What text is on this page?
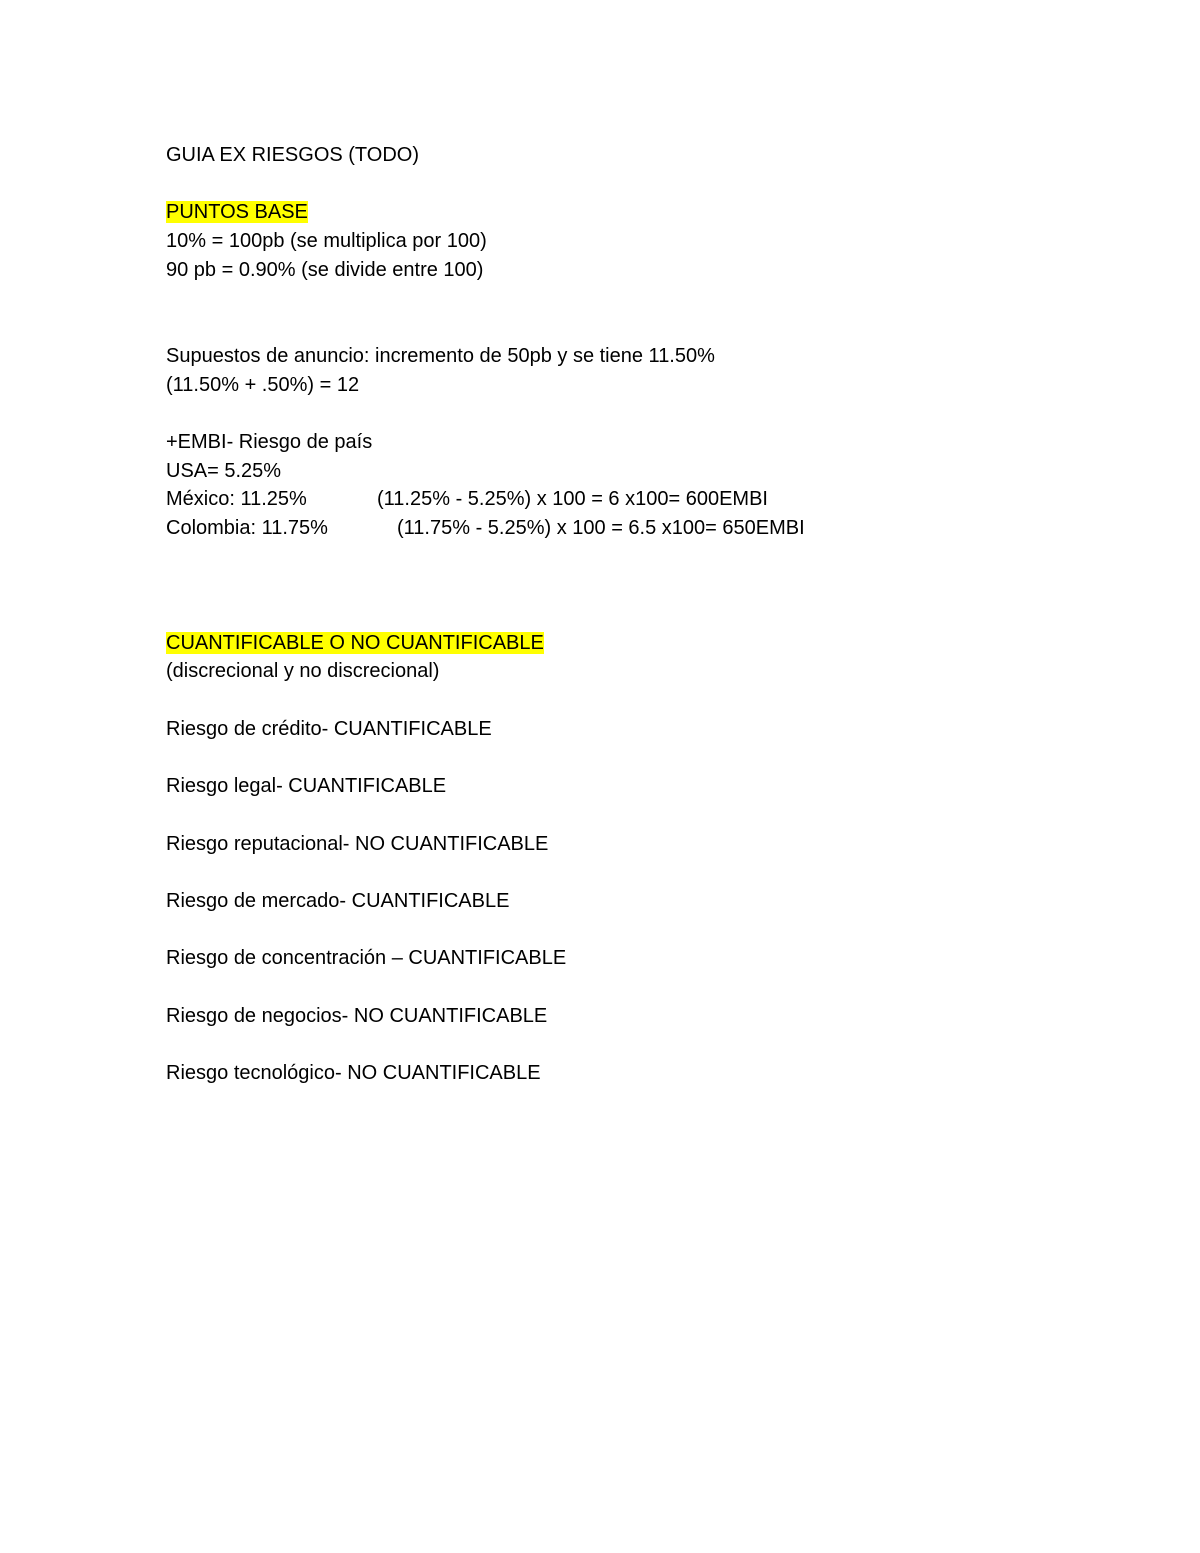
GUIA EX RIESGOS (TODO)
PUNTOS BASE
10% = 100pb (se multiplica por 100)
90 pb = 0.90% (se divide entre 100)
Supuestos de anuncio: incremento de 50pb y se tiene 11.50%
(11.50% + .50%) = 12
+EMBI- Riesgo de país
USA= 5.25%
México: 11.25%	(11.25% - 5.25%) x 100 = 6 x100= 600EMBI
Colombia: 11.75%	(11.75% - 5.25%) x 100 = 6.5 x100= 650EMBI
CUANTIFICABLE O NO CUANTIFICABLE
(discrecional y no discrecional)
Riesgo de crédito- CUANTIFICABLE
Riesgo legal- CUANTIFICABLE
Riesgo reputacional- NO CUANTIFICABLE
Riesgo de mercado- CUANTIFICABLE
Riesgo de concentración – CUANTIFICABLE
Riesgo de negocios- NO CUANTIFICABLE
Riesgo tecnológico- NO CUANTIFICABLE
